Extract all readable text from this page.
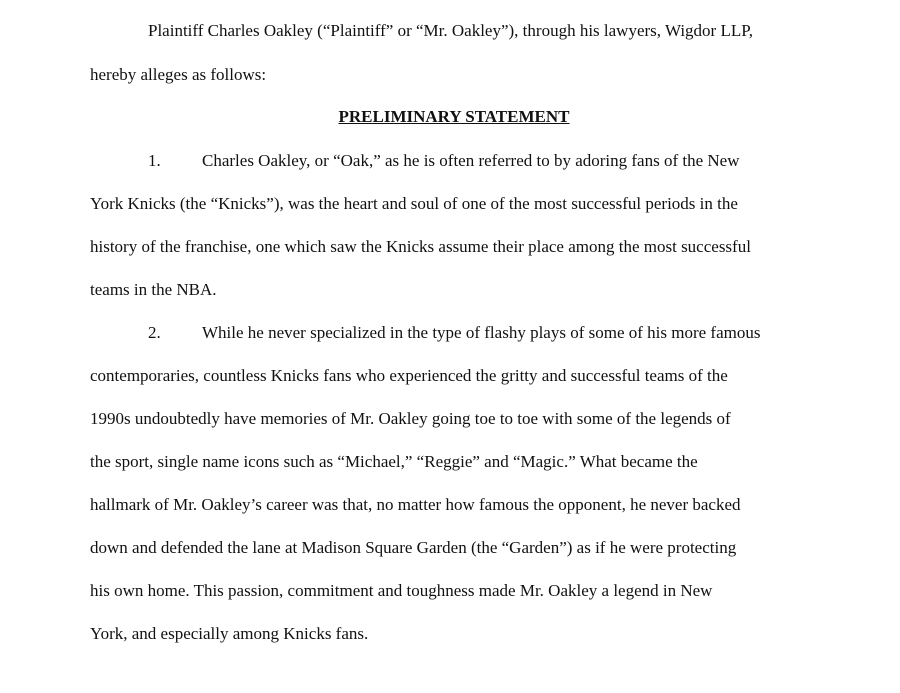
Plaintiff Charles Oakley (“Plaintiff” or “Mr. Oakley”), through his lawyers, Wigdor LLP,
hereby alleges as follows:
PRELIMINARY STATEMENT
1. Charles Oakley, or “Oak,” as he is often referred to by adoring fans of the New
York Knicks (the “Knicks”), was the heart and soul of one of the most successful periods in the
history of the franchise, one which saw the Knicks assume their place among the most successful
teams in the NBA.
2. While he never specialized in the type of flashy plays of some of his more famous
contemporaries, countless Knicks fans who experienced the gritty and successful teams of the
1990s undoubtedly have memories of Mr. Oakley going toe to toe with some of the legends of
the sport, single name icons such as “Michael,” “Reggie” and “Magic.” What became the
hallmark of Mr. Oakley’s career was that, no matter how famous the opponent, he never backed
down and defended the lane at Madison Square Garden (the “Garden”) as if he were protecting
his own home. This passion, commitment and toughness made Mr. Oakley a legend in New
York, and especially among Knicks fans.
